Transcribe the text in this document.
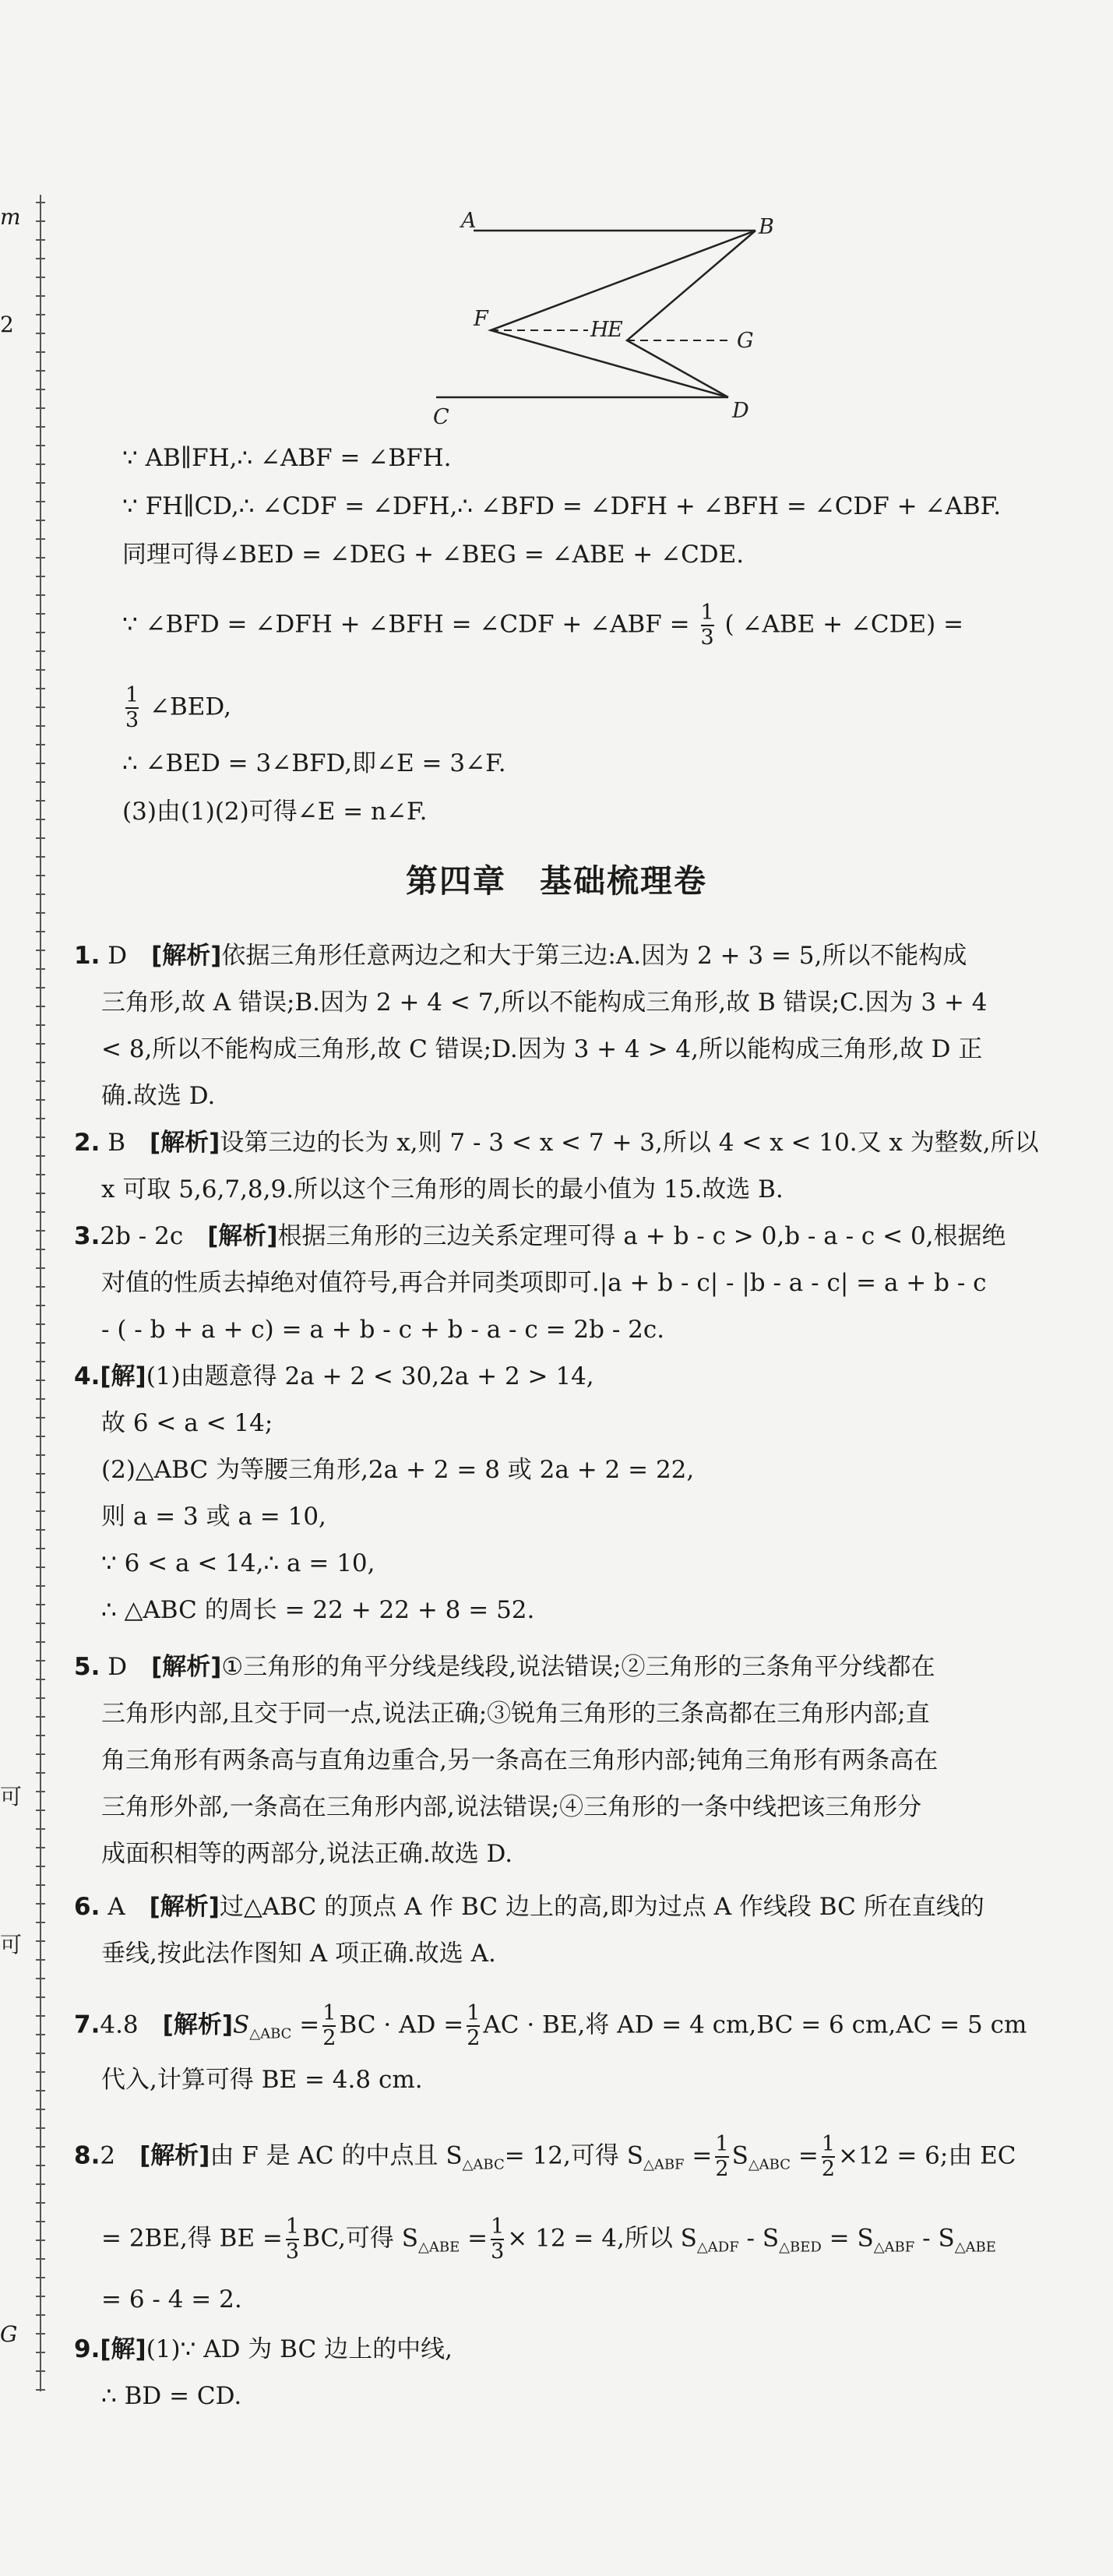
m
2
可
可
G
A	B
F	H
E	G
C	D
∵ AB∥FH,∴ ∠ABF = ∠BFH.
∵ FH∥CD,∴ ∠CDF = ∠DFH,∴ ∠BFD = ∠DFH + ∠BFH = ∠CDF + ∠ABF.
同理可得∠BED = ∠DEG + ∠BEG = ∠ABE + ∠CDE.
∵ ∠BFD = ∠DFH + ∠BFH = ∠CDF + ∠ABF = $\frac{1}{3}$ ( ∠ABE + ∠CDE) =
$\frac{1}{3}$ ∠BED,
∴ ∠BED = 3∠BFD,即∠E = 3∠F.
(3)由(1)(2)可得∠E = n∠F.
第四章　基础梳理卷
1. D　 [解析]依据三角形任意两边之和大于第三边:A.因为 2 + 3 = 5,所以不能构成
三角形,故 A 错误;B.因为 2 + 4 < 7,所以不能构成三角形,故 B 错误;C.因为 3 + 4
< 8,所以不能构成三角形,故 C 错误;D.因为 3 + 4 > 4,所以能构成三角形,故 D 正
确.故选 D.
2. B　 [解析]设第三边的长为 x,则 7 - 3 < x < 7 + 3,所以 4 < x < 10.又 x 为整数,所以
x 可取 5,6,7,8,9.所以这个三角形的周长的最小值为 15.故选 B.
3.2b - 2c　 [解析]根据三角形的三边关系定理可得 a + b - c > 0,b - a - c < 0,根据绝
对值的性质去掉绝对值符号,再合并同类项即可.|a + b - c| - |b - a - c| = a + b - c
- ( - b + a + c) = a + b - c + b - a - c = 2b - 2c.
4.[解](1)由题意得 2a + 2 < 30,2a + 2 > 14,
故 6 < a < 14;
(2)△ABC 为等腰三角形,2a + 2 = 8 或 2a + 2 = 22,
则 a = 3 或 a = 10,
∵ 6 < a < 14,∴ a = 10,
∴ △ABC 的周长 = 22 + 22 + 8 = 52.
5. D　 [解析]①三角形的角平分线是线段,说法错误;②三角形的三条角平分线都在
三角形内部,且交于同一点,说法正确;③锐角三角形的三条高都在三角形内部;直
角三角形有两条高与直角边重合,另一条高在三角形内部;钝角三角形有两条高在
三角形外部,一条高在三角形内部,说法错误;④三角形的一条中线把该三角形分
成面积相等的两部分,说法正确.故选 D.
6. A　 [解析]过△ABC 的顶点 A 作 BC 边上的高,即为过点 A 作线段 BC 所在直线的
垂线,按此法作图知 A 项正确.故选 A.
7.4.8　 [解析]$S_{\triangle ABC} = \frac{1}{2}$ BC · AD = $\frac{1}{2}$ AC · BE,将 AD = 4 cm,BC = 6 cm,AC = 5 cm
代入,计算可得 BE = 4.8 cm.
8.2　 [解析]由 F 是 AC 的中点且 $S_{\triangle ABC}= 12$,可得 $S_{\triangle ABF} = \frac{1}{2} S_{\triangle ABC} = \frac{1}{2} \times 12 = 6$;由 EC
= 2BE,得 BE = $\frac{1}{3}$ BC,可得 $S_{\triangle ABE} = \frac{1}{3} \times 12 = 4$,所以 $S_{\triangle ADF} - S_{\triangle BED} = S_{\triangle ABF} - S_{\triangle ABE}$
= 6 - 4 = 2.
9.[解](1)∵ AD 为 BC 边上的中线,
∴ BD = CD.
